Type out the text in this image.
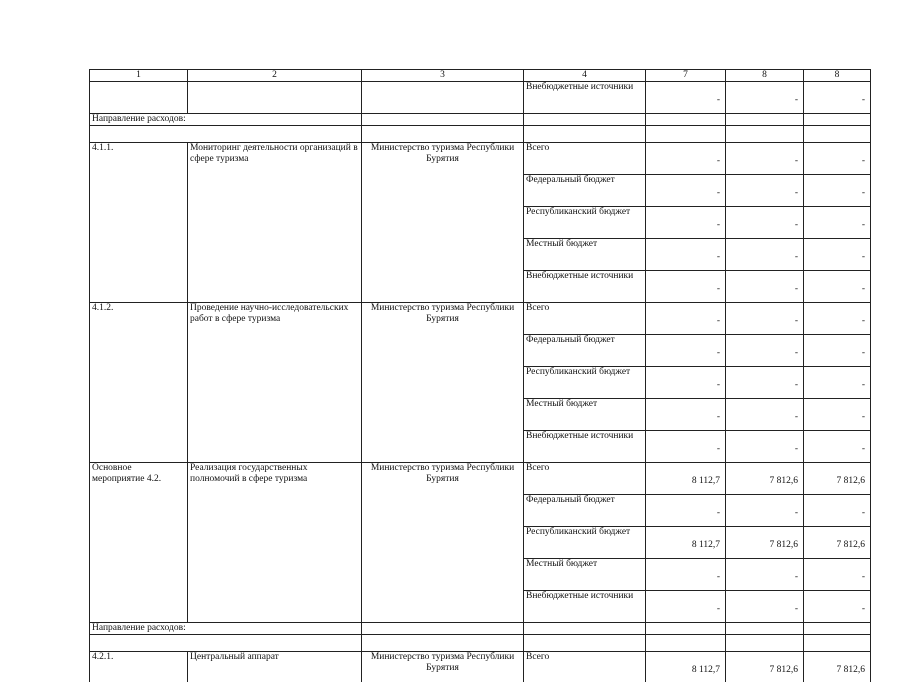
1	2	3	4	7	8	8
			Внебюджетные источники	-	-	-
Направление расходов:						

4.1.1.	Мониторинг деятельности организаций в сфере туризма	Министерство туризма Республики Бурятия	Всего	-	-	-
			Федеральный бюджет	-	-	-
			Республиканский бюджет	-	-	-
			Местный бюджет	-	-	-
			Внебюджетные источники	-	-	-
4.1.2.	Проведение научно-исследовательских работ в сфере туризма	Министерство туризма Республики Бурятия	Всего	-	-	-
			Федеральный бюджет	-	-	-
			Республиканский бюджет	-	-	-
			Местный бюджет	-	-	-
			Внебюджетные источники	-	-	-
Основное мероприятие 4.2.	Реализация государственных полномочий в сфере туризма	Министерство туризма Республики Бурятия	Всего	8 112,7	7 812,6	7 812,6
			Федеральный бюджет	-	-	-
			Республиканский бюджет	8 112,7	7 812,6	7 812,6
			Местный бюджет	-	-	-
			Внебюджетные источники	-	-	-
Направление расходов:						

4.2.1.	Центральный аппарат	Министерство туризма Республики Бурятия	Всего	8 112,7	7 812,6	7 812,6
